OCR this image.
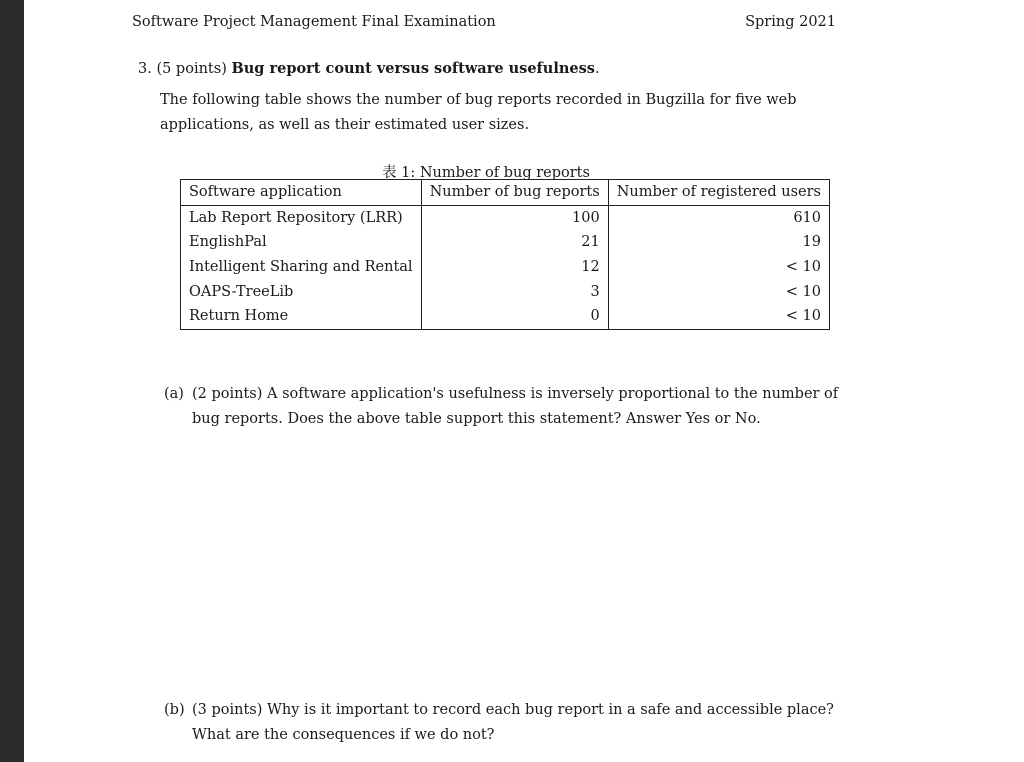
Software Project Management Final Examination	Spring 2021
3. (5 points) Bug report count versus software usefulness.
The following table shows the number of bug reports recorded in Bugzilla for five web applications, as well as their estimated user sizes.
表 1: Number of bug reports
Software application	Number of bug reports	Number of registered users
Lab Report Repository (LRR)	100	610
EnglishPal	21	19
Intelligent Sharing and Rental	12	< 10
OAPS-TreeLib	3	< 10
Return Home	0	< 10
(a) (2 points) A software application's usefulness is inversely proportional to the number of bug reports. Does the above table support this statement? Answer Yes or No.
(b) (3 points) Why is it important to record each bug report in a safe and accessible place? What are the consequences if we do not?
